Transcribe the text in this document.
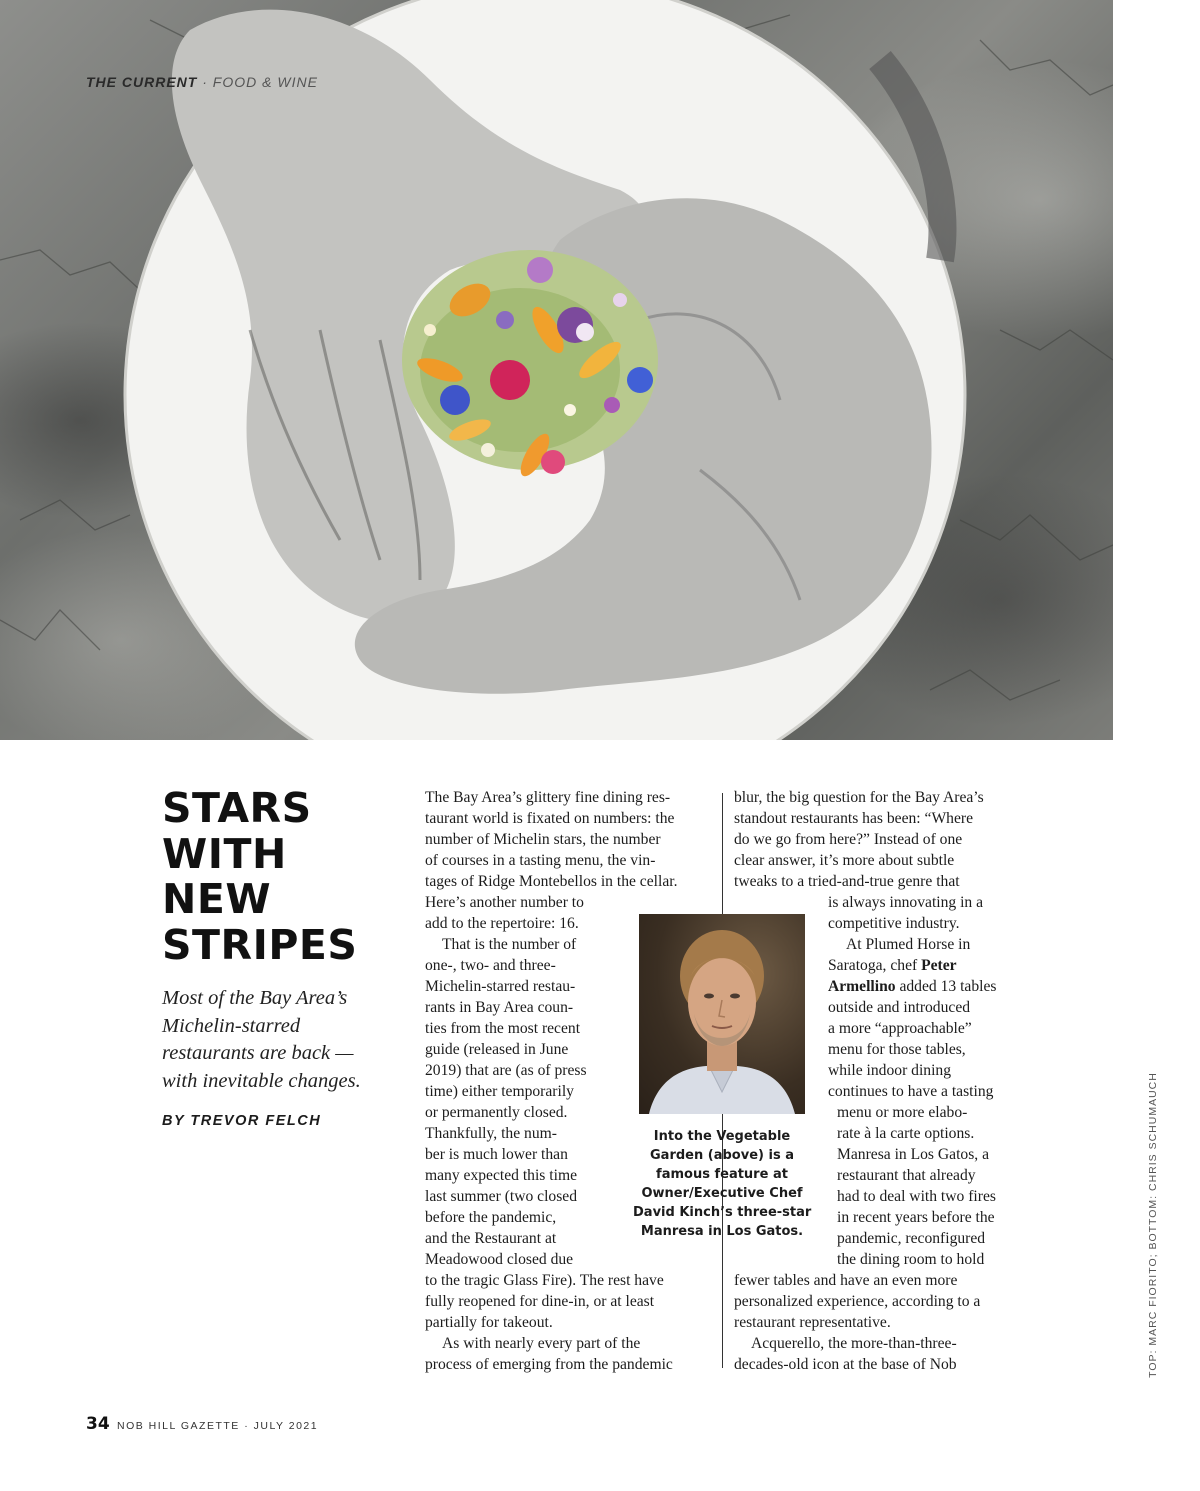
THE CURRENT · FOOD & WINE
STARS
WITH
NEW
STRIPES

Most of the Bay Area’s
Michelin-starred
restaurants are back —
with inevitable changes.

BY TREVOR FELCH

The Bay Area’s glittery fine dining res-
taurant world is fixated on numbers: the
number of Michelin stars, the number
of courses in a tasting menu, the vin-
tages of Ridge Montebellos in the cellar.
Here’s another number to
add to the repertoire: 16.
That is the number of
one-, two- and three-
Michelin-starred restau-
rants in Bay Area coun-
ties from the most recent
guide (released in June
2019) that are (as of press
time) either temporarily
or permanently closed.
Thankfully, the num-
ber is much lower than
many expected this time
last summer (two closed
before the pandemic,
and the Restaurant at
Meadowood closed due
to the tragic Glass Fire). The rest have
fully reopened for dine-in, or at least
partially for takeout.
As with nearly every part of the
process of emerging from the pandemic
blur, the big question for the Bay Area’s
standout restaurants has been: “Where
do we go from here?” Instead of one
clear answer, it’s more about subtle
tweaks to a tried-and-true genre that
is always innovating in a
competitive industry.
At Plumed Horse in
Saratoga, chef Peter
Armellino added 13 tables
outside and introduced
a more “approachable”
menu for those tables,
while indoor dining
continues to have a tasting
menu or more elabo-
rate à la carte options.
Manresa in Los Gatos, a
restaurant that already
had to deal with two fires
in recent years before the
pandemic, reconfigured
the dining room to hold
fewer tables and have an even more
personalized experience, according to a
restaurant representative.
Acquerello, the more-than-three-
decades-old icon at the base of Nob
Into the Vegetable
Garden (above) is a
famous feature at
Owner/Executive Chef
David Kinch’s three-star
Manresa in Los Gatos.	TOP: MARC FIORITO; BOTTOM: CHRIS SCHUMAUCH
34 NOB HILL GAZETTE · JULY 2021
